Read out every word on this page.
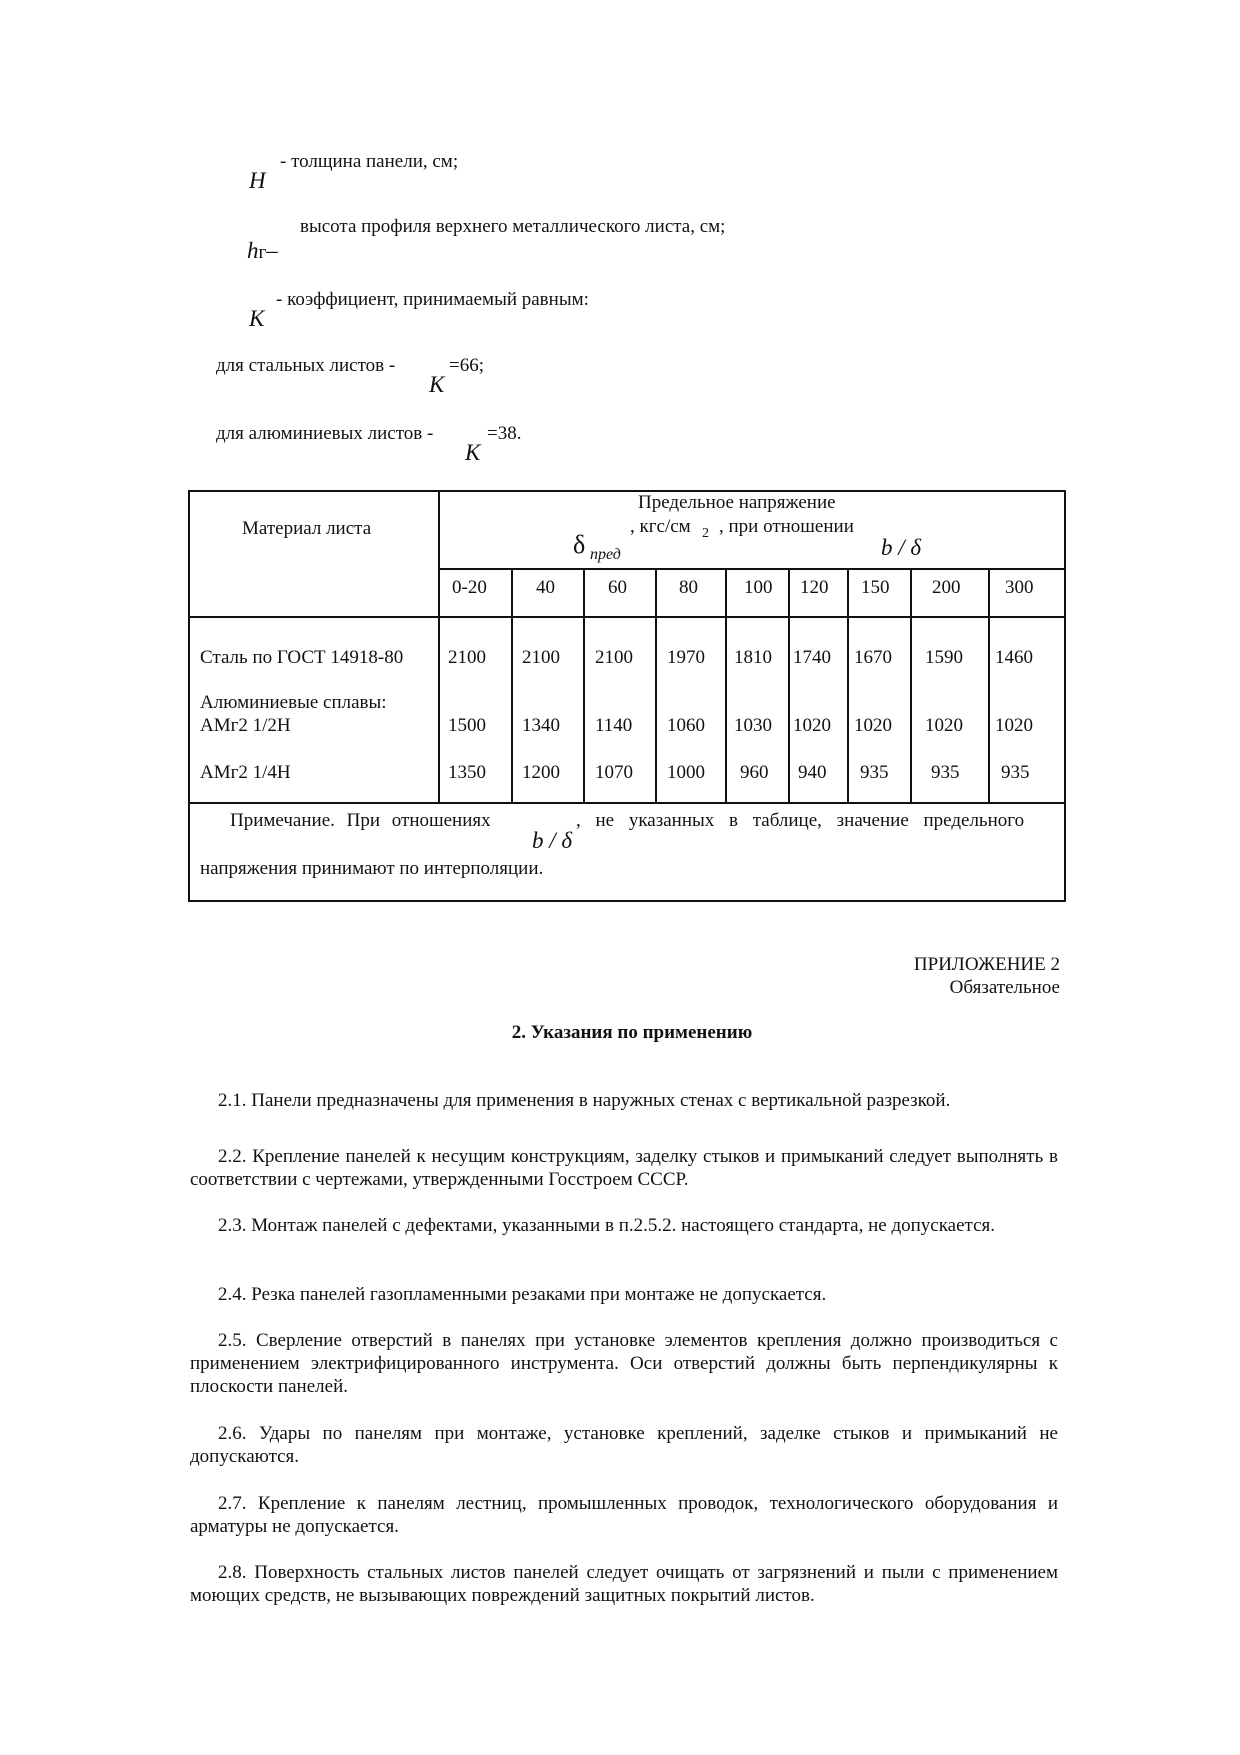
- толщина панели, см;
H
высота профиля верхнего металлического листа, см;
hг–
- коэффициент, принимаемый равным:
K
для стальных листов -	=66;
K
для алюминиевых листов -	=38.
K
Материал листа
Предельное напряжение
, кгс/см 2 , при отношении
δ пред	b / δ
0-20	40	60	80 100 120 150 200 300
Сталь по ГОСТ 14918-80 2100 2100 2100 1970 1810 1740 1670 1590 1460
Алюминиевые сплавы:
АМг2 1/2Н	1500 1340 1140 1060 1030 1020 1020 1020 1020
АМг2 1/4Н	1350 1200 1070 1000 960 940 935 935 935
Примечание. При отношениях
b / δ
, не указанных в таблице, значение предельного
напряжения принимают по интерполяции.
ПРИЛОЖЕНИЕ 2
Обязательное
2. Указания по применению
2.1. Панели предназначены для применения в наружных стенах с вертикальной разрезкой.
2.2. Крепление панелей к несущим конструкциям, заделку стыков и примыканий следует выполнять в соответствии с чертежами, утвержденными Госстроем СССР.
2.3. Монтаж панелей с дефектами, указанными в п.2.5.2. настоящего стандарта, не допускается.
2.4. Резка панелей газопламенными резаками при монтаже не допускается.
2.5. Сверление отверстий в панелях при установке элементов крепления должно производиться с применением электрифицированного инструмента. Оси отверстий должны быть перпендикулярны к плоскости панелей.
2.6. Удары по панелям при монтаже, установке креплений, заделке стыков и примыканий не допускаются.
2.7. Крепление к панелям лестниц, промышленных проводок, технологического оборудования и арматуры не допускается.
2.8. Поверхность стальных листов панелей следует очищать от загрязнений и пыли с применением моющих средств, не вызывающих повреждений защитных покрытий листов.
